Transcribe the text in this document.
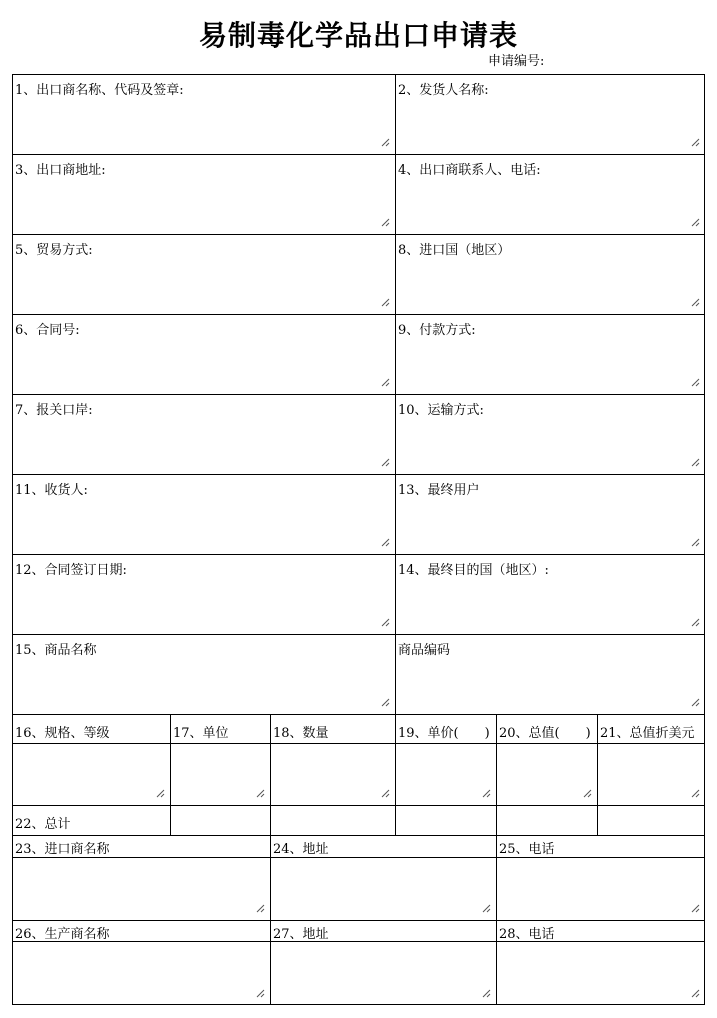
易制毒化学品出口申请表
申请编号:
1、出口商名称、代码及签章:	2、发货人名称:
3、出口商地址:	4、出口商联系人、电话:
5、贸易方式:	8、进口国（地区）
6、合同号:	9、付款方式:
7、报关口岸:	10、运输方式:
11、收货人:	13、最终用户
12、合同签订日期:	14、最终目的国（地区）:
15、商品名称	商品编码
16、规格、等级	17、单位	18、数量	19、单价(　　) 20、总值(　　) 21、总值折美元
22、总计
23、进口商名称	24、地址	25、电话
26、生产商名称	27、地址	28、电话
